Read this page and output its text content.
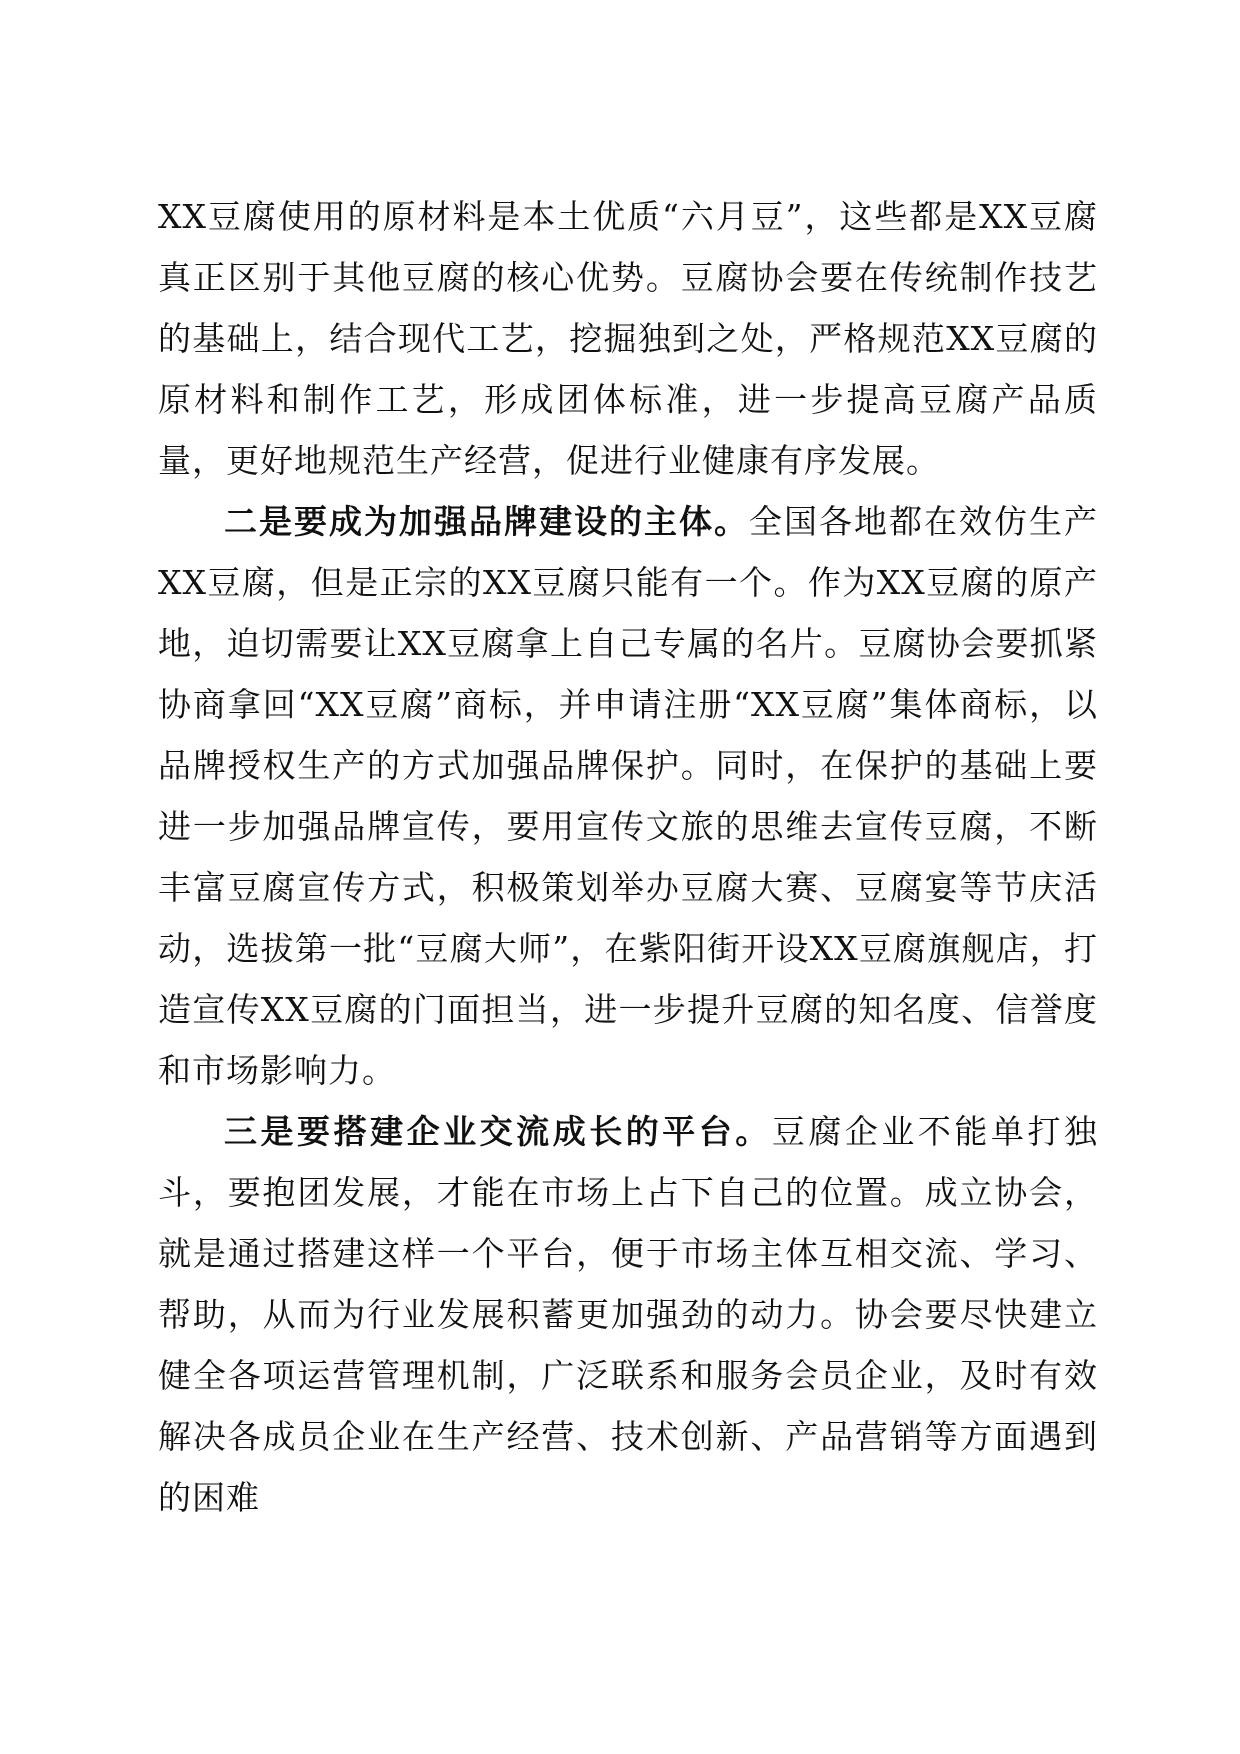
XX豆腐使用的原材料是本土优质“六月豆”，这些都是XX豆腐真正区别于其他豆腐的核心优势。豆腐协会要在传统制作技艺的基础上，结合现代工艺，挖掘独到之处，严格规范XX豆腐的原材料和制作工艺，形成团体标准，进一步提高豆腐产品质量，更好地规范生产经营，促进行业健康有序发展。

二是要成为加强品牌建设的主体。全国各地都在效仿生产XX豆腐，但是正宗的XX豆腐只能有一个。作为XX豆腐的原产地，迫切需要让XX豆腐拿上自己专属的名片。豆腐协会要抓紧协商拿回“XX豆腐”商标，并申请注册“XX豆腐”集体商标，以品牌授权生产的方式加强品牌保护。同时，在保护的基础上要进一步加强品牌宣传，要用宣传文旅的思维去宣传豆腐，不断丰富豆腐宣传方式，积极策划举办豆腐大赛、豆腐宴等节庆活动，选拔第一批“豆腐大师”，在紫阳街开设XX豆腐旗舰店，打造宣传XX豆腐的门面担当，进一步提升豆腐的知名度、信誉度和市场影响力。

三是要搭建企业交流成长的平台。豆腐企业不能单打独斗，要抱团发展，才能在市场上占下自己的位置。成立协会，就是通过搭建这样一个平台，便于市场主体互相交流、学习、帮助，从而为行业发展积蓄更加强劲的动力。协会要尽快建立健全各项运营管理机制，广泛联系和服务会员企业，及时有效解决各成员企业在生产经营、技术创新、产品营销等方面遇到的困难
